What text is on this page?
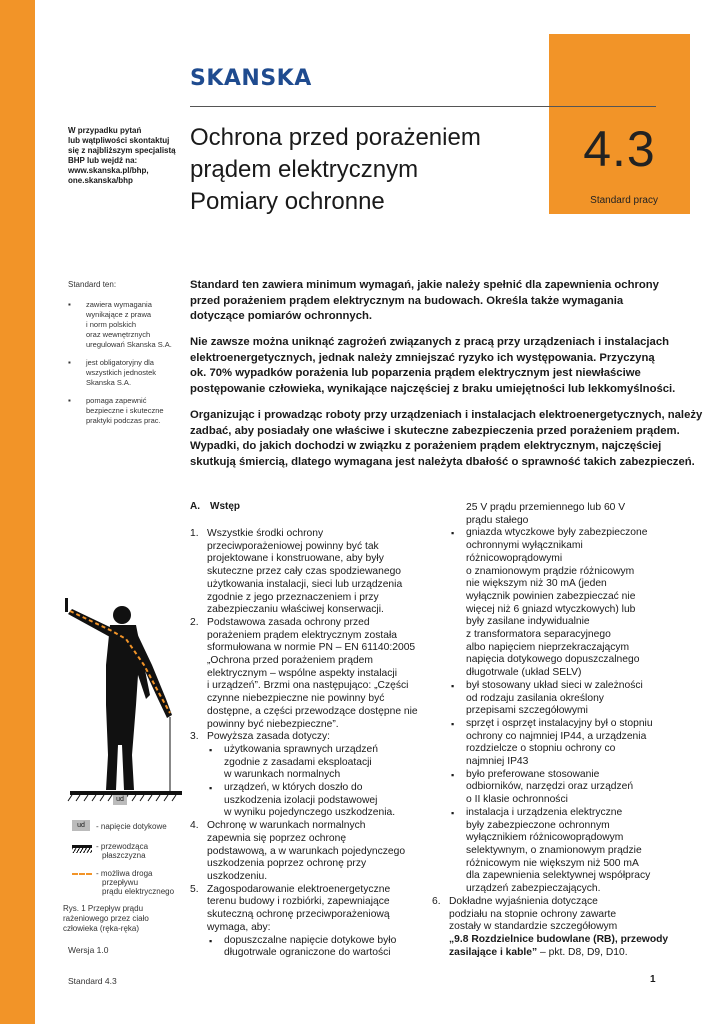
4.3
Standard pracy
SKANSKA
W przypadku pytań
lub wątpliwości skontaktuj
się z najbliższym specjalistą
BHP lub wejdź na:
www.skanska.pl/bhp,
one.skanska/bhp
Ochrona przed porażeniem
prądem elektrycznym
Pomiary ochronne
Standard ten:
▪ zawiera wymagania
wynikające z prawa
i norm polskich
oraz wewnętrznych
uregulowań Skanska S.A.
▪ jest obligatoryjny dla
wszystkich jednostek
Skanska S.A.
▪ pomaga zapewnić
bezpieczne i skuteczne
praktyki podczas prac.
Standard ten zawiera minimum wymagań, jakie należy spełnić dla zapewnienia ochrony
przed porażeniem prądem elektrycznym na budowach. Określa także wymagania
dotyczące pomiarów ochronnych.
Nie zawsze można uniknąć zagrożeń związanych z pracą przy urządzeniach i instalacjach
elektroenergetycznych, jednak należy zmniejszać ryzyko ich występowania. Przyczyną
ok. 70% wypadków porażenia lub poparzenia prądem elektrycznym jest niewłaściwe
postępowanie człowieka, wynikające najczęściej z braku umiejętności lub lekkomyślności.
Organizując i prowadząc roboty przy urządzeniach i instalacjach elektroenergetycznych, należy
zadbać, aby posiadały one właściwe i skuteczne zabezpieczenia przed porażeniem prądem.
Wypadki, do jakich dochodzi w związku z porażeniem prądem elektrycznym, najczęściej
skutkują śmiercią, dlatego wymagana jest należyta dbałość o sprawność takich zabezpieczeń.
A. Wstęp
1. Wszystkie środki ochrony
przeciwporażeniowej powinny być tak
projektowane i konstruowane, aby były
skuteczne przez cały czas spodziewanego
użytkowania instalacji, sieci lub urządzenia
zgodnie z jego przeznaczeniem i przy
zabezpieczaniu właściwej konserwacji.
2. Podstawowa zasada ochrony przed
porażeniem prądem elektrycznym została
sformułowana w normie PN – EN 61140:2005
„Ochrona przed porażeniem prądem
elektrycznym – wspólne aspekty instalacji
i urządzeń”. Brzmi ona następująco: „Części
czynne niebezpieczne nie powinny być
dostępne, a części przewodzące dostępne nie
powinny być niebezpieczne”.
3. Powyższa zasada dotyczy:
▪ użytkowania sprawnych urządzeń
zgodnie z zasadami eksploatacji
w warunkach normalnych
▪ urządzeń, w których doszło do
uszkodzenia izolacji podstawowej
w wyniku pojedynczego uszkodzenia.
4. Ochronę w warunkach normalnych
zapewnia się poprzez ochronę
podstawową, a w warunkach pojedynczego
uszkodzenia poprzez ochronę przy
uszkodzeniu.
5. Zagospodarowanie elektroenergetyczne
terenu budowy i rozbiórki, zapewniające
skuteczną ochronę przeciwporażeniową
wymaga, aby:
▪ dopuszczalne napięcie dotykowe było
długotrwale ograniczone do wartości
25 V prądu przemiennego lub 60 V
prądu stałego
▪ gniazda wtyczkowe były zabezpieczone
ochronnymi wyłącznikami
różnicowoprądowymi
o znamionowym prądzie różnicowym
nie większym niż 30 mA (jeden
wyłącznik powinien zabezpieczać nie
więcej niż 6 gniazd wtyczkowych) lub
były zasilane indywidualnie
z transformatora separacyjnego
albo napięciem nieprzekraczającym
napięcia dotykowego dopuszczalnego
długotrwale (układ SELV)
▪ był stosowany układ sieci w zależności
od rodzaju zasilania określony
przepisami szczegółowymi
▪ sprzęt i osprzęt instalacyjny był o stopniu
ochrony co najmniej IP44, a urządzenia
rozdzielcze o stopniu ochrony co
najmniej IP43
▪ było preferowane stosowanie
odbiorników, narzędzi oraz urządzeń
o II klasie ochronności
▪ instalacja i urządzenia elektryczne
były zabezpieczone ochronnym
wyłącznikiem różnicowoprądowym
selektywnym, o znamionowym prądzie
różnicowym nie większym niż 500 mA
dla zapewnienia selektywnej współpracy
urządzeń zabezpieczających.
6. Dokładne wyjaśnienia dotyczące
podziału na stopnie ochrony zawarte
zostały w standardzie szczegółowym
„9.8 Rozdzielnice budowlane (RB), przewody
zasilające i kable” – pkt. D8, D9, D10.
ud
ud	- napięcie dotykowe
- przewodząca
płaszczyzna
- możliwa droga
przepływu
prądu elektrycznego
Rys. 1 Przepływ prądu
rażeniowego przez ciało
człowieka (ręka-ręka)
Wersja 1.0
Standard 4.3	1
